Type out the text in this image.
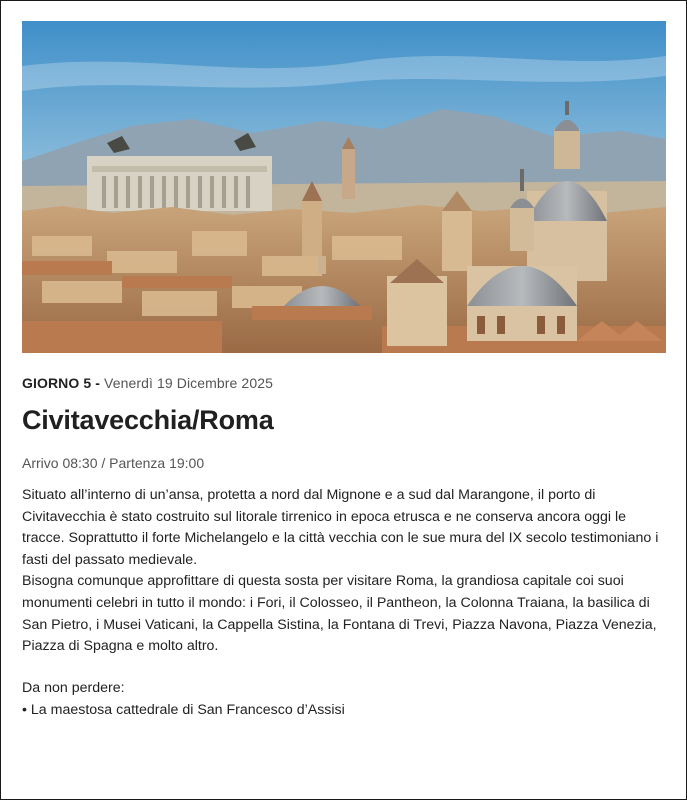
GIORNO 5 - Venerdì 19 Dicembre 2025
Civitavecchia/Roma
Arrivo 08:30 / Partenza 19:00

Situato all’interno di un’ansa, protetta a nord dal Mignone e a sud dal Marangone, il porto di Civitavecchia è stato costruito sul litorale tirrenico in epoca etrusca e ne conserva ancora oggi le tracce. Soprattutto il forte Michelangelo e la città vecchia con le sue mura del IX secolo testimoniano i fasti del passato medievale.

Bisogna comunque approfittare di questa sosta per visitare Roma, la grandiosa capitale coi suoi monumenti celebri in tutto il mondo: i Fori, il Colosseo, il Pantheon, la Colonna Traiana, la basilica di San Pietro, i Musei Vaticani, la Cappella Sistina, la Fontana di Trevi, Piazza Navona, Piazza Venezia, Piazza di Spagna e molto altro.

Da non perdere:
• La maestosa cattedrale di San Francesco d’Assisi
